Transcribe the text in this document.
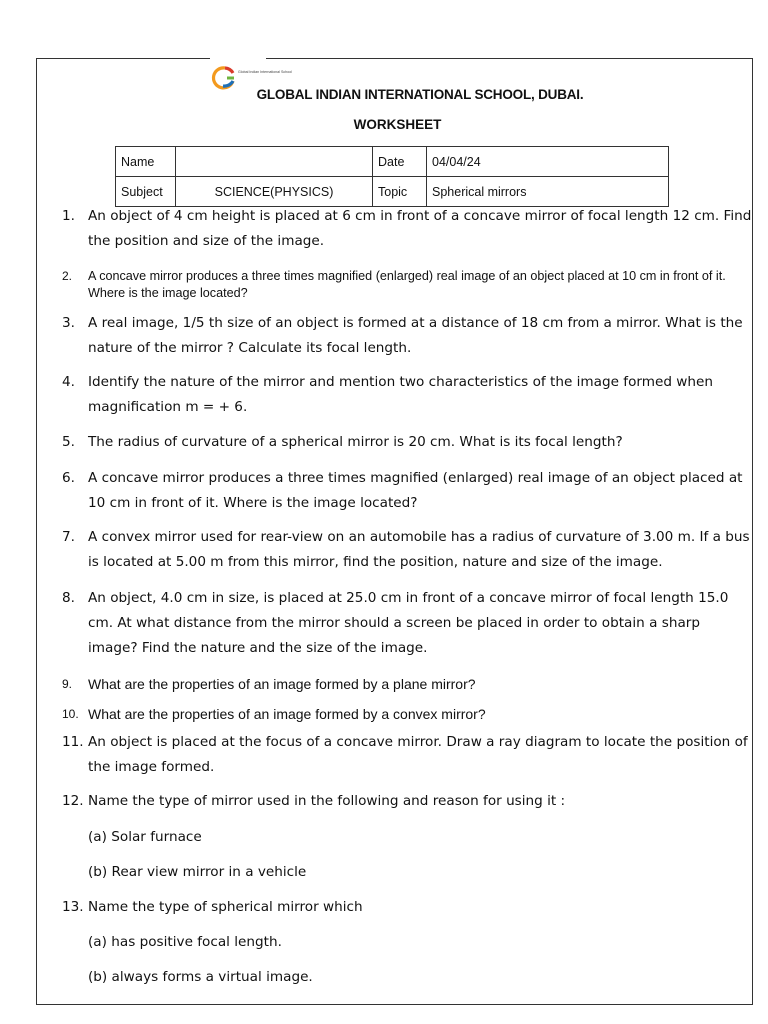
Global Indian International School
GLOBAL INDIAN INTERNATIONAL SCHOOL, DUBAI.
WORKSHEET
Name		Date	04/04/24
Subject	SCIENCE(PHYSICS)	Topic	Spherical mirrors
1. An object of 4 cm height is placed at 6 cm in front of a concave mirror of focal length 12 cm. Find the position and size of the image.
2. A concave mirror produces a three times magnified (enlarged) real image of an object placed at 10 cm in front of it. Where is the image located?
3. A real image, 1/5 th size of an object is formed at a distance of 18 cm from a mirror. What is the nature of the mirror ? Calculate its focal length.
4. Identify the nature of the mirror and mention two characteristics of the image formed when magnification m = + 6.
5. The radius of curvature of a spherical mirror is 20 cm. What is its focal length?
6. A concave mirror produces a three times magnified (enlarged) real image of an object placed at 10 cm in front of it. Where is the image located?
7. A convex mirror used for rear-view on an automobile has a radius of curvature of 3.00 m. If a bus is located at 5.00 m from this mirror, find the position, nature and size of the image.
8. An object, 4.0 cm in size, is placed at 25.0 cm in front of a concave mirror of focal length 15.0 cm. At what distance from the mirror should a screen be placed in order to obtain a sharp image? Find the nature and the size of the image.
9. What are the properties of an image formed by a plane mirror?
10. What are the properties of an image formed by a convex mirror?
11. An object is placed at the focus of a concave mirror. Draw a ray diagram to locate the position of the image formed.
12. Name the type of mirror used in the following and reason for using it :
(a) Solar furnace
(b) Rear view mirror in a vehicle
13. Name the type of spherical mirror which
(a) has positive focal length.
(b) always forms a virtual image.
